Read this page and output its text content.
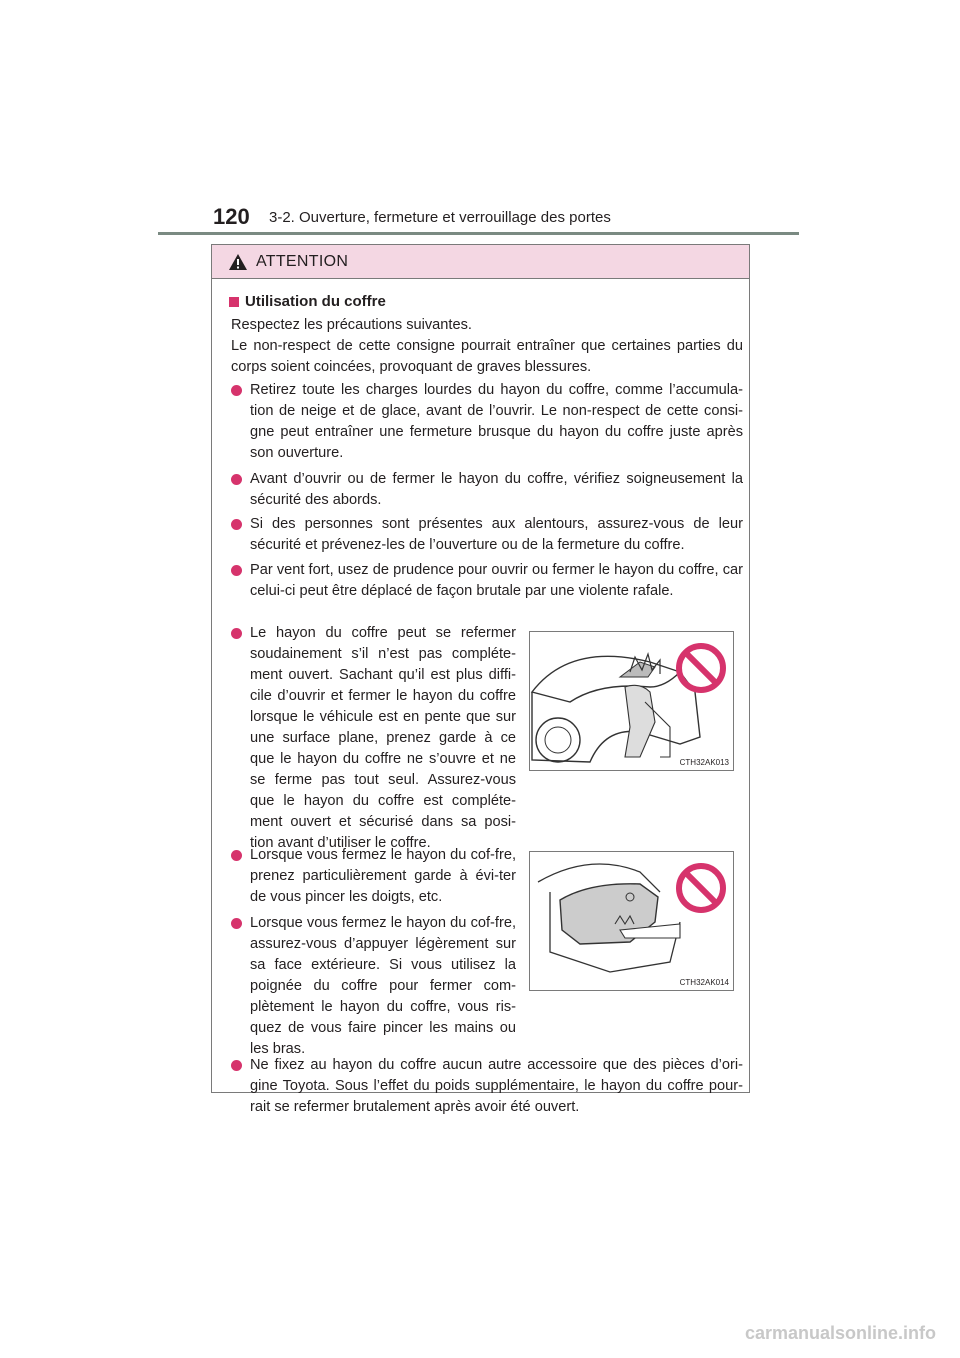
120 3-2. Ouverture, fermeture et verrouillage des portes
ATTENTION
Utilisation du coffre
Respectez les précautions suivantes.
Le non-respect de cette consigne pourrait entraîner que certaines parties du corps soient coincées, provoquant de graves blessures.
Retirez toute les charges lourdes du hayon du coffre, comme l’accumula-tion de neige et de glace, avant de l’ouvrir. Le non-respect de cette consi-gne peut entraîner une fermeture brusque du hayon du coffre juste après son ouverture.
Avant d’ouvrir ou de fermer le hayon du coffre, vérifiez soigneusement la sécurité des abords.
Si des personnes sont présentes aux alentours, assurez-vous de leur sécurité et prévenez-les de l’ouverture ou de la fermeture du coffre.
Par vent fort, usez de prudence pour ouvrir ou fermer le hayon du coffre, car celui-ci peut être déplacé de façon brutale par une violente rafale.
Le hayon du coffre peut se refermer soudainement s’il n’est pas compléte-ment ouvert. Sachant qu’il est plus diffi-cile d’ouvrir et fermer le hayon du coffre lorsque le véhicule est en pente que sur une surface plane, prenez garde à ce que le hayon du coffre ne s’ouvre et ne se ferme pas tout seul. Assurez-vous que le hayon du coffre est compléte-ment ouvert et sécurisé dans sa posi-tion avant d’utiliser le coffre.
Lorsque vous fermez le hayon du cof-fre, prenez particulièrement garde à évi-ter de vous pincer les doigts, etc.
Lorsque vous fermez le hayon du cof-fre, assurez-vous d’appuyer légèrement sur sa face extérieure. Si vous utilisez la poignée du coffre pour fermer com-plètement le hayon du coffre, vous ris-quez de vous faire pincer les mains ou les bras.
Ne fixez au hayon du coffre aucun autre accessoire que des pièces d’ori-gine Toyota. Sous l’effet du poids supplémentaire, le hayon du coffre pour-rait se refermer brutalement après avoir été ouvert.
CTH32AK013
CTH32AK014
carmanualsonline.info
